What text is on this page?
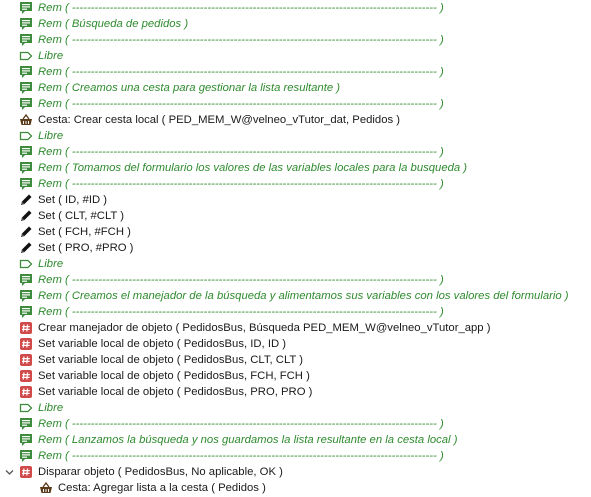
Rem ( ------------------------------------------------------------------------------------------------- )
Rem ( Búsqueda de pedidos )
Rem ( ------------------------------------------------------------------------------------------------- )
Libre
Rem ( ------------------------------------------------------------------------------------------------- )
Rem ( Creamos una cesta para gestionar la lista resultante )
Rem ( ------------------------------------------------------------------------------------------------- )
Cesta: Crear cesta local ( PED_MEM_W@velneo_vTutor_dat, Pedidos )
Libre
Rem ( ------------------------------------------------------------------------------------------------- )
Rem ( Tomamos del formulario los valores de las variables locales para la busqueda )
Rem ( ------------------------------------------------------------------------------------------------- )
Set ( ID, #ID )
Set ( CLT, #CLT )
Set ( FCH, #FCH )
Set ( PRO, #PRO )
Libre
Rem ( ------------------------------------------------------------------------------------------------- )
Rem ( Creamos el manejador de la búsqueda y alimentamos sus variables con los valores del formulario )
Rem ( ------------------------------------------------------------------------------------------------- )
Crear manejador de objeto ( PedidosBus, Búsqueda PED_MEM_W@velneo_vTutor_app )
Set variable local de objeto ( PedidosBus, ID, ID )
Set variable local de objeto ( PedidosBus, CLT, CLT )
Set variable local de objeto ( PedidosBus, FCH, FCH )
Set variable local de objeto ( PedidosBus, PRO, PRO )
Libre
Rem ( ------------------------------------------------------------------------------------------------- )
Rem ( Lanzamos la búsqueda y nos guardamos la lista resultante en la cesta local )
Rem ( ------------------------------------------------------------------------------------------------- )
Disparar objeto ( PedidosBus, No aplicable, OK )
Cesta: Agregar lista a la cesta ( Pedidos )
